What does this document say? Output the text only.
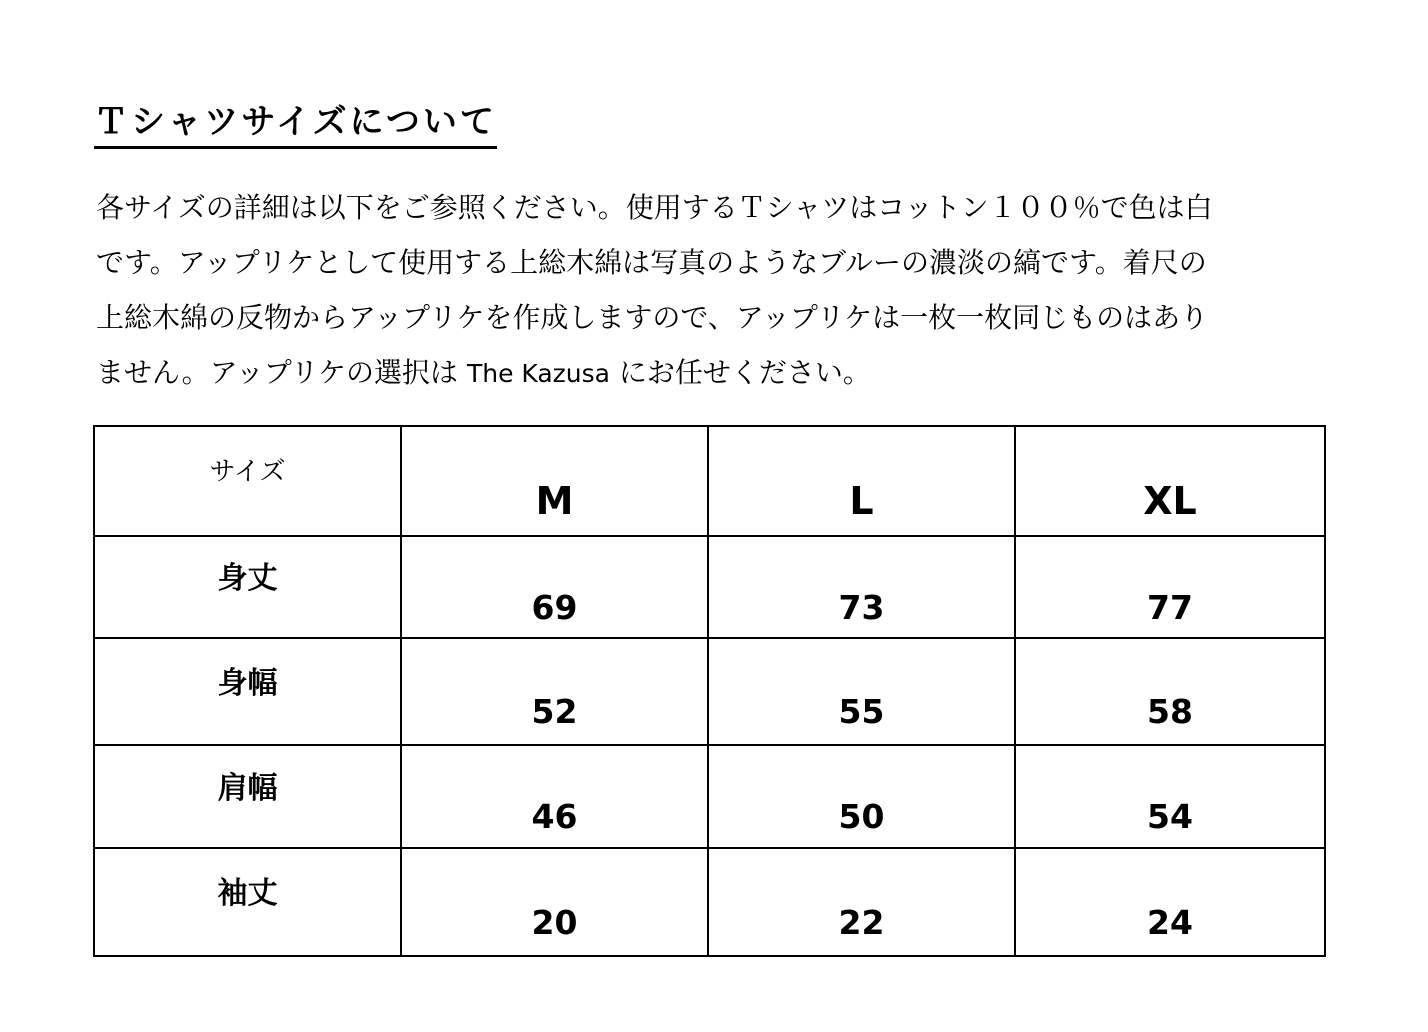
Ｔシャツサイズについて
各サイズの詳細は以下をご参照ください。使用するＴシャツはコットン１００％で色は白
です。アップリケとして使用する上総木綿は写真のようなブルーの濃淡の縞です。着尺の
上総木綿の反物からアップリケを作成しますので、アップリケは一枚一枚同じものはあり
ません。アップリケの選択は The Kazusa にお任せください。
サイズ	M	L	XL

身丈	69	73	77

身幅	52	55	58

肩幅	46	50	54

袖丈	20	22	24
